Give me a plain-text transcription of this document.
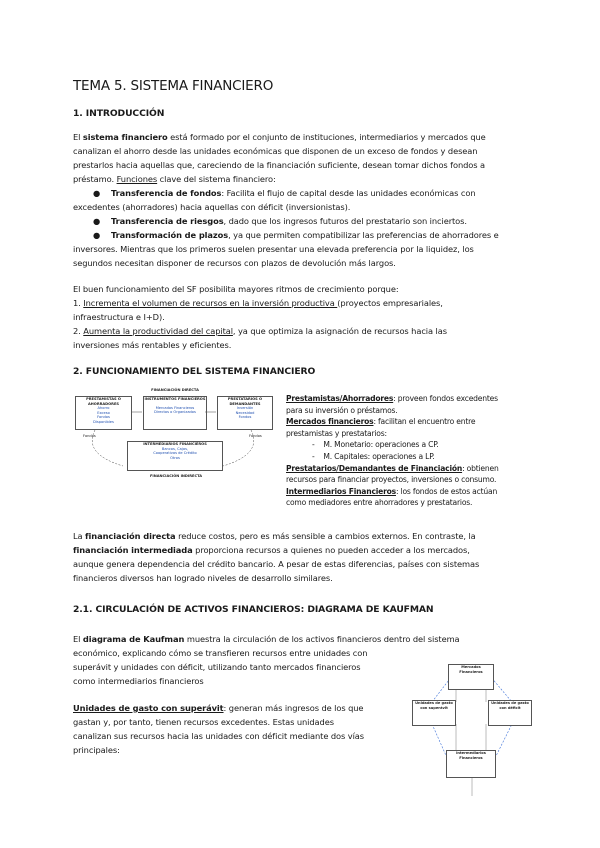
TEMA 5. SISTEMA FINANCIERO
1. INTRODUCCIÓN
El sistema financiero está formado por el conjunto de instituciones, intermediarios y mercados que
canalizan el ahorro desde las unidades económicas que disponen de un exceso de fondos y desean
prestarlos hacia aquellas que, careciendo de la financiación suficiente, desean tomar dichos fondos a
préstamo. Funciones clave del sistema financiero:
● Transferencia de fondos: Facilita el flujo de capital desde las unidades económicas con
excedentes (ahorradores) hacia aquellas con déficit (inversionistas).
● Transferencia de riesgos, dado que los ingresos futuros del prestatario son inciertos.
● Transformación de plazos, ya que permiten compatibilizar las preferencias de ahorradores e
inversores. Mientras que los primeros suelen presentar una elevada preferencia por la liquidez, los
segundos necesitan disponer de recursos con plazos de devolución más largos.
El buen funcionamiento del SF posibilita mayores ritmos de crecimiento porque:
1. Incrementa el volumen de recursos en la inversión productiva (proyectos empresariales,
infraestructura e I+D).
2. Aumenta la productividad del capital, ya que optimiza la asignación de recursos hacia las
inversiones más rentables y eficientes.
2. FUNCIONAMIENTO DEL SISTEMA FINANCIERO
FINANCIACIÓN DIRECTA
PRESTAMISTAS O AHORRADORES
Ahorro
Exceso
Fondos
Disponibles
INSTRUMENTOS FINANCIEROS
Mercados Financieros
Directos o Organizados
PRESTATARIOS O DEMANDANTES
Inversión
Necesidad
Fondos
Fondos	Fondos
INTERMEDIARIOS FINANCIEROS
Bancos, Cajas,
Cooperativas de Crédito
Otros
FINANCIACIÓN INDIRECTA
Prestamistas/Ahorradores: proveen fondos excedentes
para su inversión o préstamos.
Mercados financieros: facilitan el encuentro entre
prestamistas y prestatarios:
-    M. Monetario: operaciones a CP.
-    M. Capitales: operaciones a LP.
Prestatarios/Demandantes de Financiación: obtienen
recursos para financiar proyectos, inversiones o consumo.
Intermediarios Financieros: los fondos de estos actúan
como mediadores entre ahorradores y prestatarios.
La financiación directa reduce costos, pero es más sensible a cambios externos. En contraste, la
financiación intermediada proporciona recursos a quienes no pueden acceder a los mercados,
aunque genera dependencia del crédito bancario. A pesar de estas diferencias, países con sistemas
financieros diversos han logrado niveles de desarrollo similares.
2.1. CIRCULACIÓN DE ACTIVOS FINANCIEROS: DIAGRAMA DE KAUFMAN
El diagrama de Kaufman muestra la circulación de los activos financieros dentro del sistema
económico, explicando cómo se transfieren recursos entre unidades con
superávit y unidades con déficit, utilizando tanto mercados financieros
como intermediarios financieros
Unidades de gasto con superávit: generan más ingresos de los que
gastan y, por tanto, tienen recursos excedentes. Estas unidades
canalizan sus recursos hacia las unidades con déficit mediante dos vías
principales:
Mercados Financieros
Unidades de gasto con superávit
Unidades de gasto con déficit
Intermediarios Financieros
